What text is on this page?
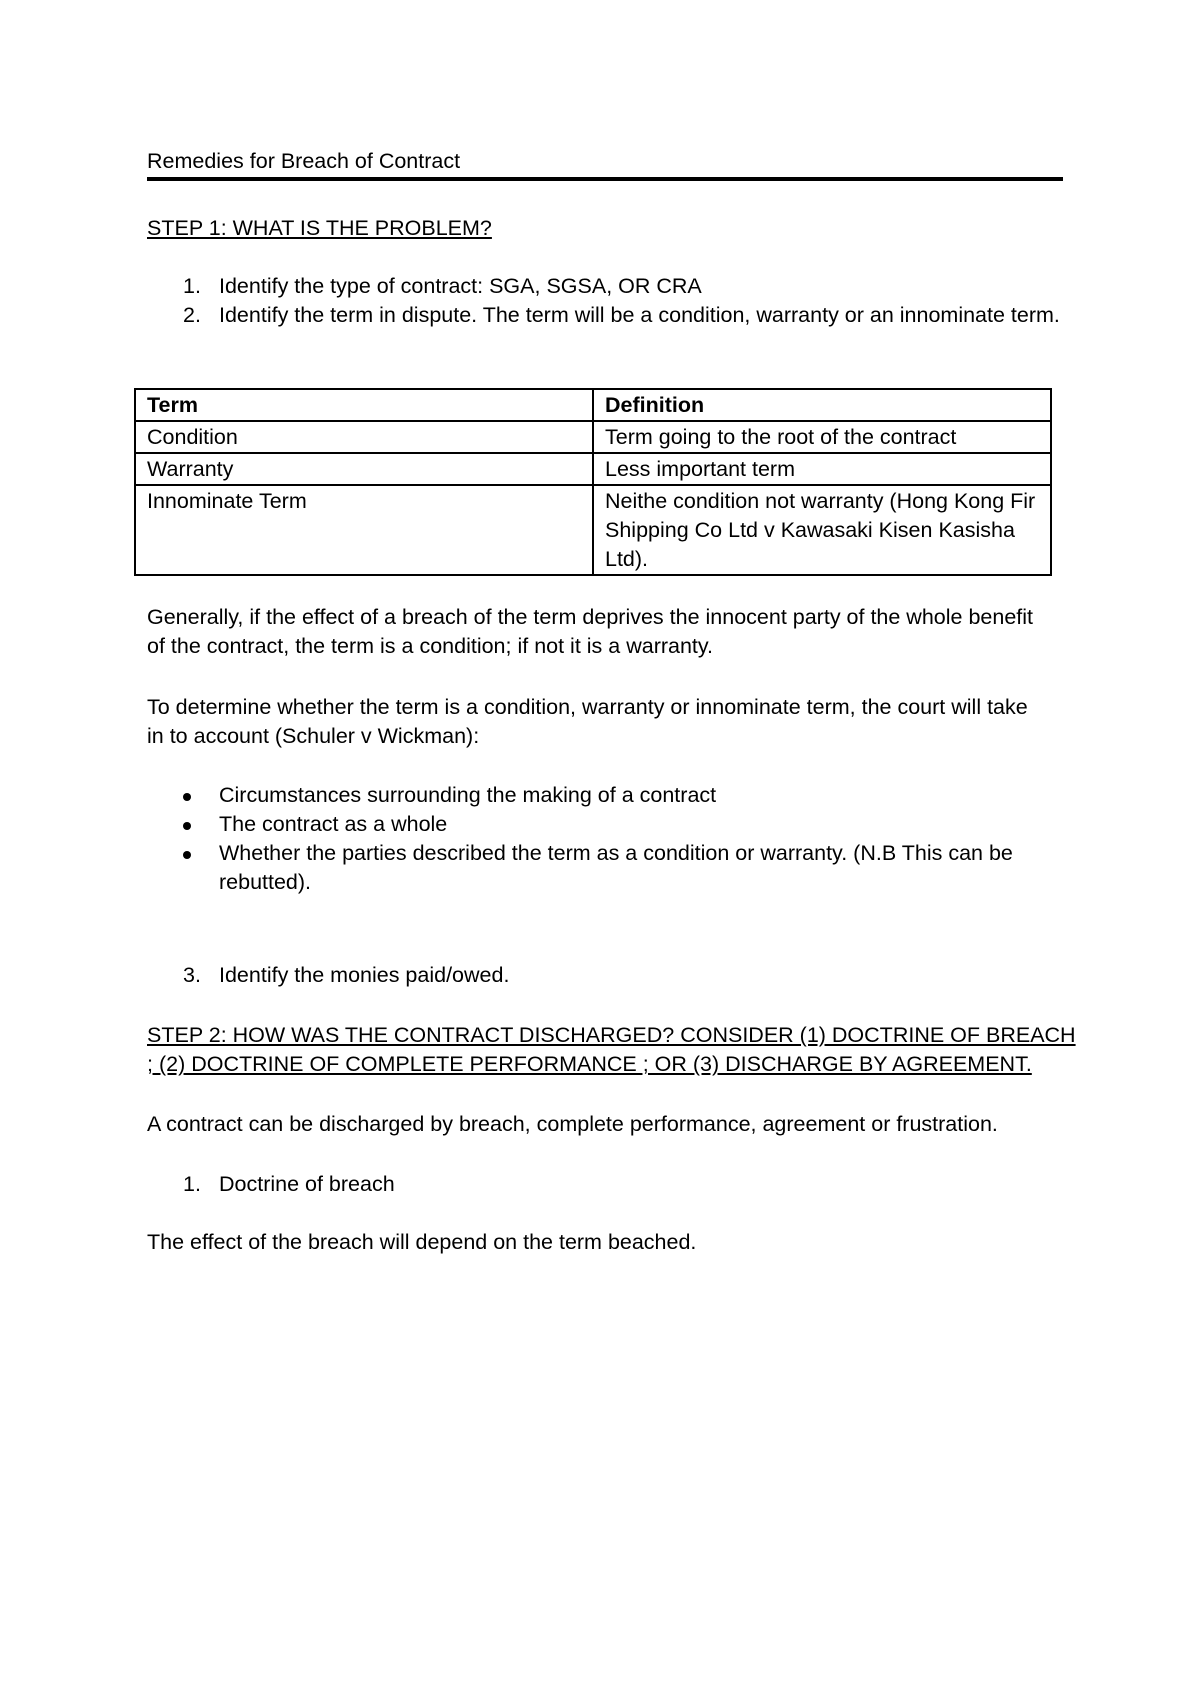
Remedies for Breach of Contract
STEP 1: WHAT IS THE PROBLEM?
1. Identify the type of contract: SGA, SGSA, OR CRA
2. Identify the term in dispute. The term will be a condition, warranty or an innominate term.
Term	Definition
Condition	Term going to the root of the contract
Warranty	Less important term
Innominate Term	Neithe condition not warranty (Hong Kong Fir Shipping Co Ltd v Kawasaki Kisen Kasisha Ltd).
Generally, if the effect of a breach of the term deprives the innocent party of the whole benefit of the contract, the term is a condition; if not it is a warranty.
To determine whether the term is a condition, warranty or innominate term, the court will take in to account (Schuler v Wickman):
Circumstances surrounding the making of a contract
The contract as a whole
Whether the parties described the term as a condition or warranty. (N.B This can be rebutted).
3. Identify the monies paid/owed.
STEP 2: HOW WAS THE CONTRACT DISCHARGED? CONSIDER (1) DOCTRINE OF BREACH ; (2) DOCTRINE OF COMPLETE PERFORMANCE ; OR (3) DISCHARGE BY AGREEMENT.
A contract can be discharged by breach, complete performance, agreement or frustration.
1. Doctrine of breach
The effect of the breach will depend on the term beached.
